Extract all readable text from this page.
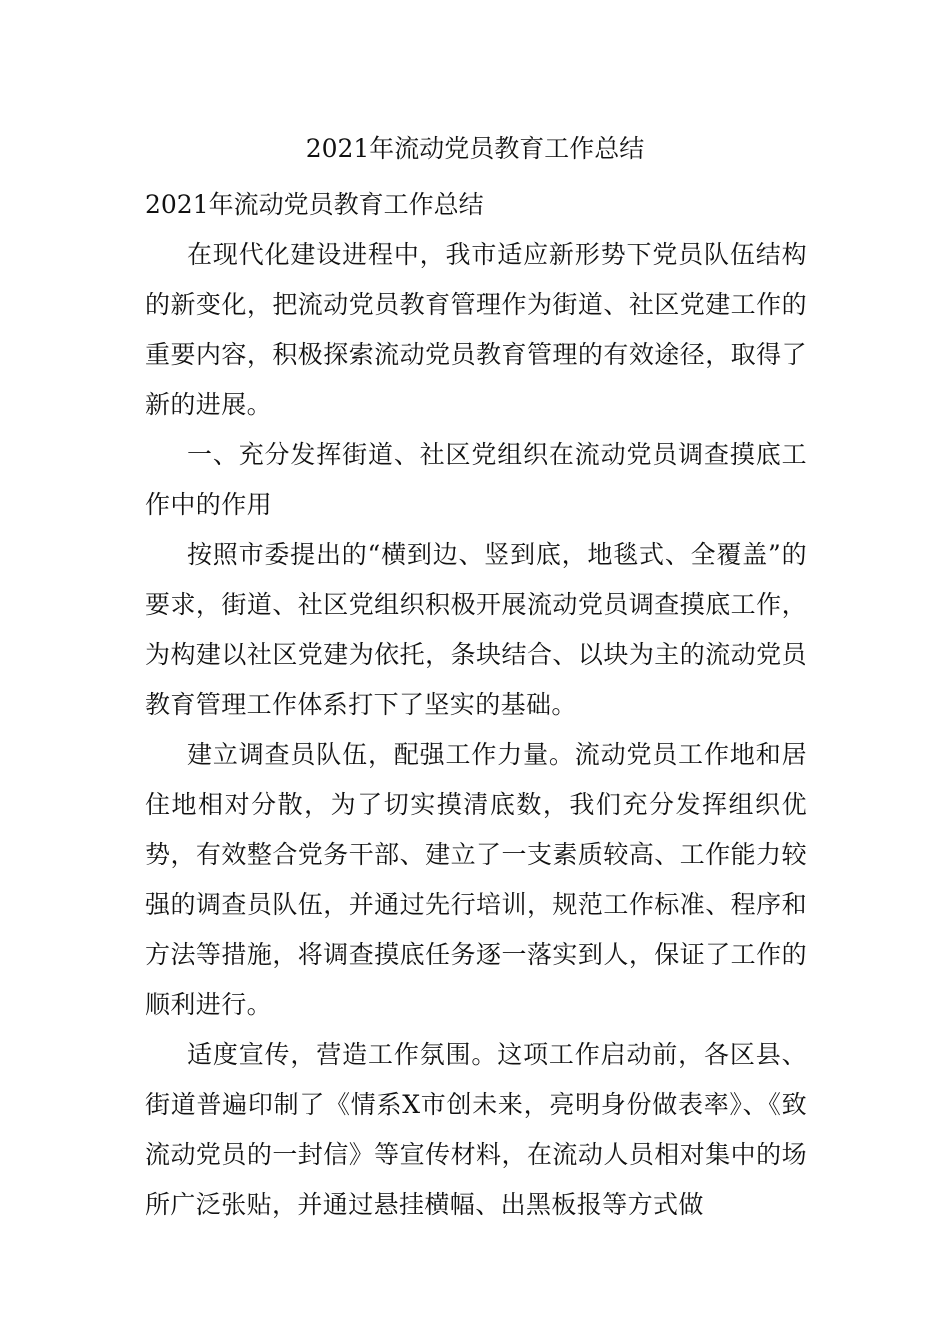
2021年流动党员教育工作总结
2021年流动党员教育工作总结

在现代化建设进程中，我市适应新形势下党员队伍结构的新变化，把流动党员教育管理作为街道、社区党建工作的重要内容，积极探索流动党员教育管理的有效途径，取得了新的进展。

一、充分发挥街道、社区党组织在流动党员调查摸底工作中的作用

按照市委提出的“横到边、竖到底，地毯式、全覆盖”的要求，街道、社区党组织积极开展流动党员调查摸底工作，为构建以社区党建为依托，条块结合、以块为主的流动党员教育管理工作体系打下了坚实的基础。

建立调查员队伍，配强工作力量。流动党员工作地和居住地相对分散，为了切实摸清底数，我们充分发挥组织优势，有效整合党务干部、建立了一支素质较高、工作能力较强的调查员队伍，并通过先行培训，规范工作标准、程序和方法等措施，将调查摸底任务逐一落实到人，保证了工作的顺利进行。

适度宣传，营造工作氛围。这项工作启动前，各区县、街道普遍印制了《情系X市创未来，亮明身份做表率》、《致流动党员的一封信》等宣传材料，在流动人员相对集中的场所广泛张贴，并通过悬挂横幅、出黑板报等方式做
